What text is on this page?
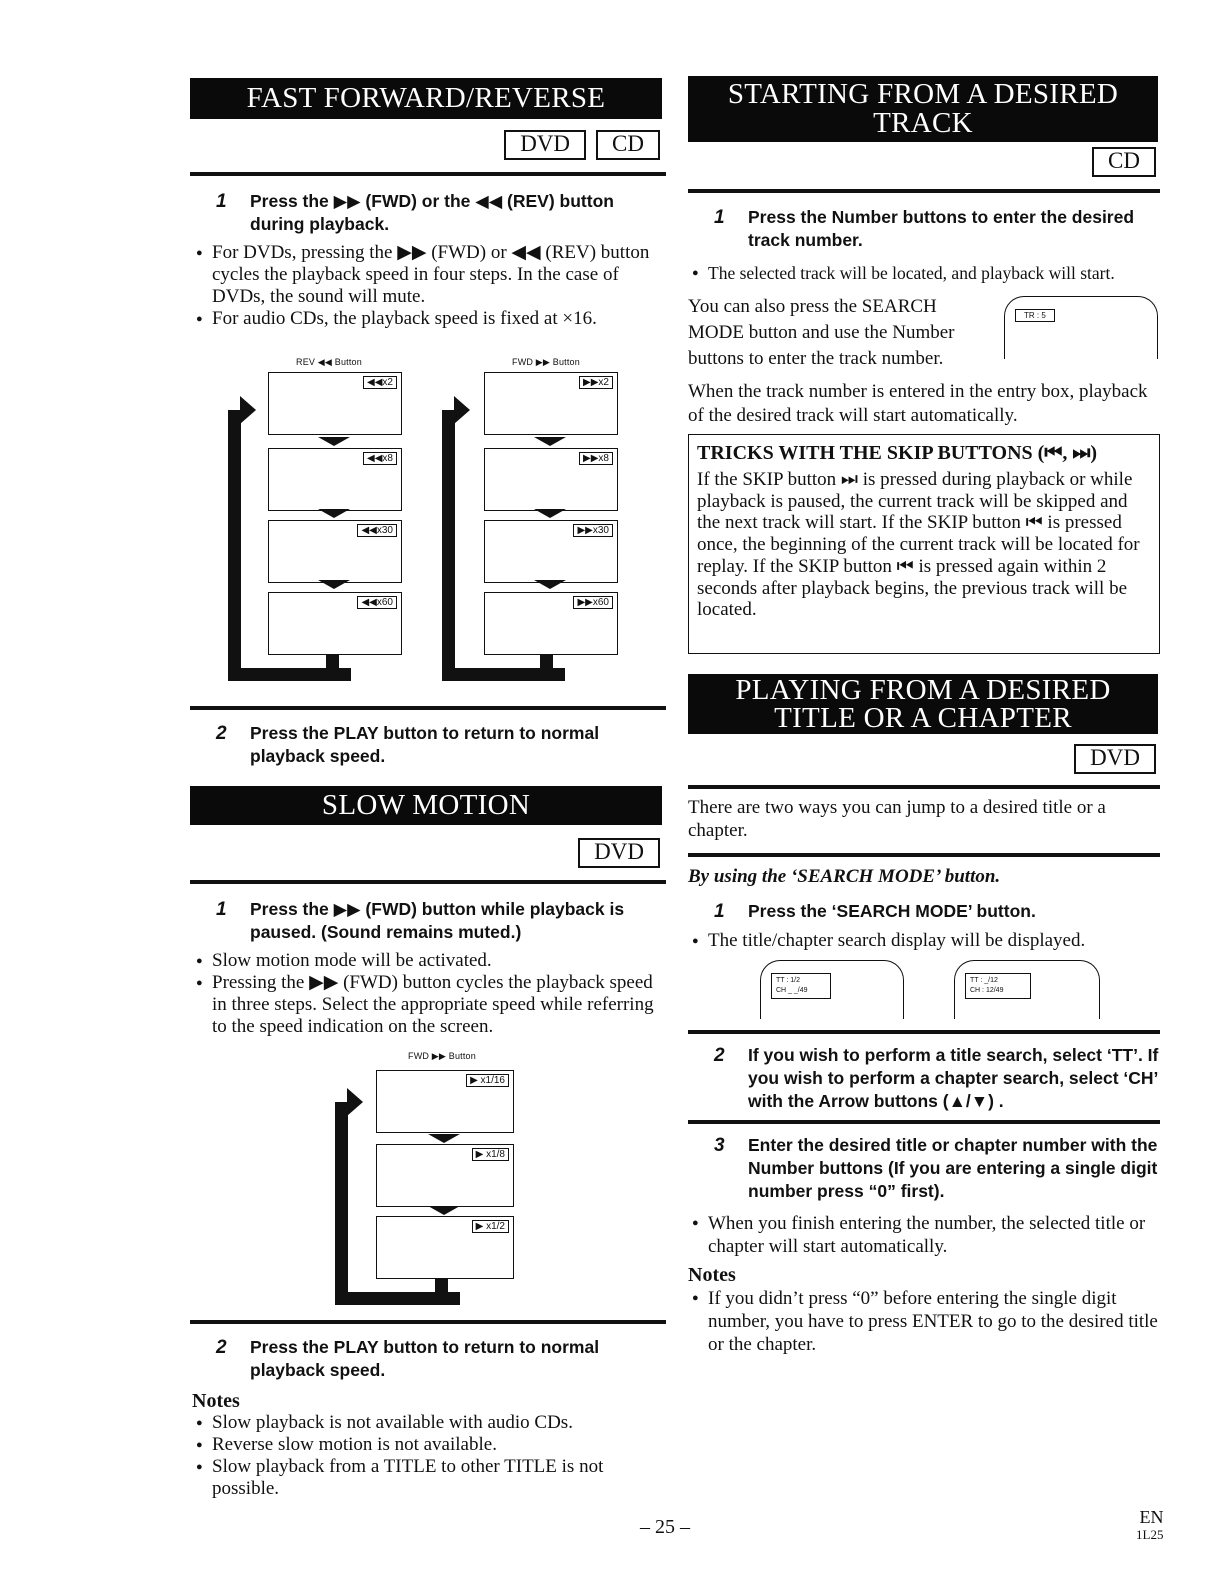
FAST FORWARD/REVERSE
DVD	CD
1 Press the ▶▶ (FWD) or the ◀◀ (REV) button during playback.
● For DVDs, pressing the ▶▶ (FWD) or ◀◀ (REV) button cycles the playback speed in four steps. In the case of DVDs, the sound will mute.
● For audio CDs, the playback speed is fixed at ×16.
REV ◀◀ Button	FWD ▶▶ Button
◀◀x2
◀◀x8
◀◀x30
◀◀x60
▶▶x2
▶▶x8
▶▶x30
▶▶x60
2 Press the PLAY button to return to normal playback speed.
SLOW MOTION
DVD
1 Press the ▶▶ (FWD) button while playback is paused. (Sound remains muted.)
● Slow motion mode will be activated.
● Pressing the ▶▶ (FWD) button cycles the playback speed in three steps. Select the appropriate speed while referring to the speed indication on the screen.
FWD ▶▶ Button
▶ x1/16
▶ x1/8
▶ x1/2
2 Press the PLAY button to return to normal playback speed.
Notes
● Slow playback is not available with audio CDs.
● Reverse slow motion is not available.
● Slow playback from a TITLE to other TITLE is not possible.
STARTING FROM A DESIRED
TRACK
CD
1 Press the Number buttons to enter the desired track number.
● The selected track will be located, and playback will start.
You can also press the SEARCH MODE button and use the Number buttons to enter the track number.
TR : 5
When the track number is entered in the entry box, playback of the desired track will start automatically.
TRICKS WITH THE SKIP BUTTONS (⏮, ⏭)
If the SKIP button ⏭ is pressed during playback or while playback is paused, the current track will be skipped and the next track will start. If the SKIP button ⏮ is pressed once, the beginning of the current track will be located for replay. If the SKIP button ⏮ is pressed again within 2 seconds after playback begins, the previous track will be located.
PLAYING FROM A DESIRED
TITLE OR A CHAPTER
DVD
There are two ways you can jump to a desired title or a chapter.
By using the ‘SEARCH MODE’ button.
1 Press the ‘SEARCH MODE’ button.
● The title/chapter search display will be displayed.
TT : 1/2
CH _ _/49
TT : _/12
CH : 12/49
2 If you wish to perform a title search, select ‘TT’. If you wish to perform a chapter search, select ‘CH’ with the Arrow buttons (▲/▼) .
3 Enter the desired title or chapter number with the Number buttons (If you are entering a single digit number press “0” first).
● When you finish entering the number, the selected title or chapter will start automatically.
Notes
● If you didn’t press “0” before entering the single digit number, you have to press ENTER to go to the desired title or the chapter.
– 25 –	EN
1L25
